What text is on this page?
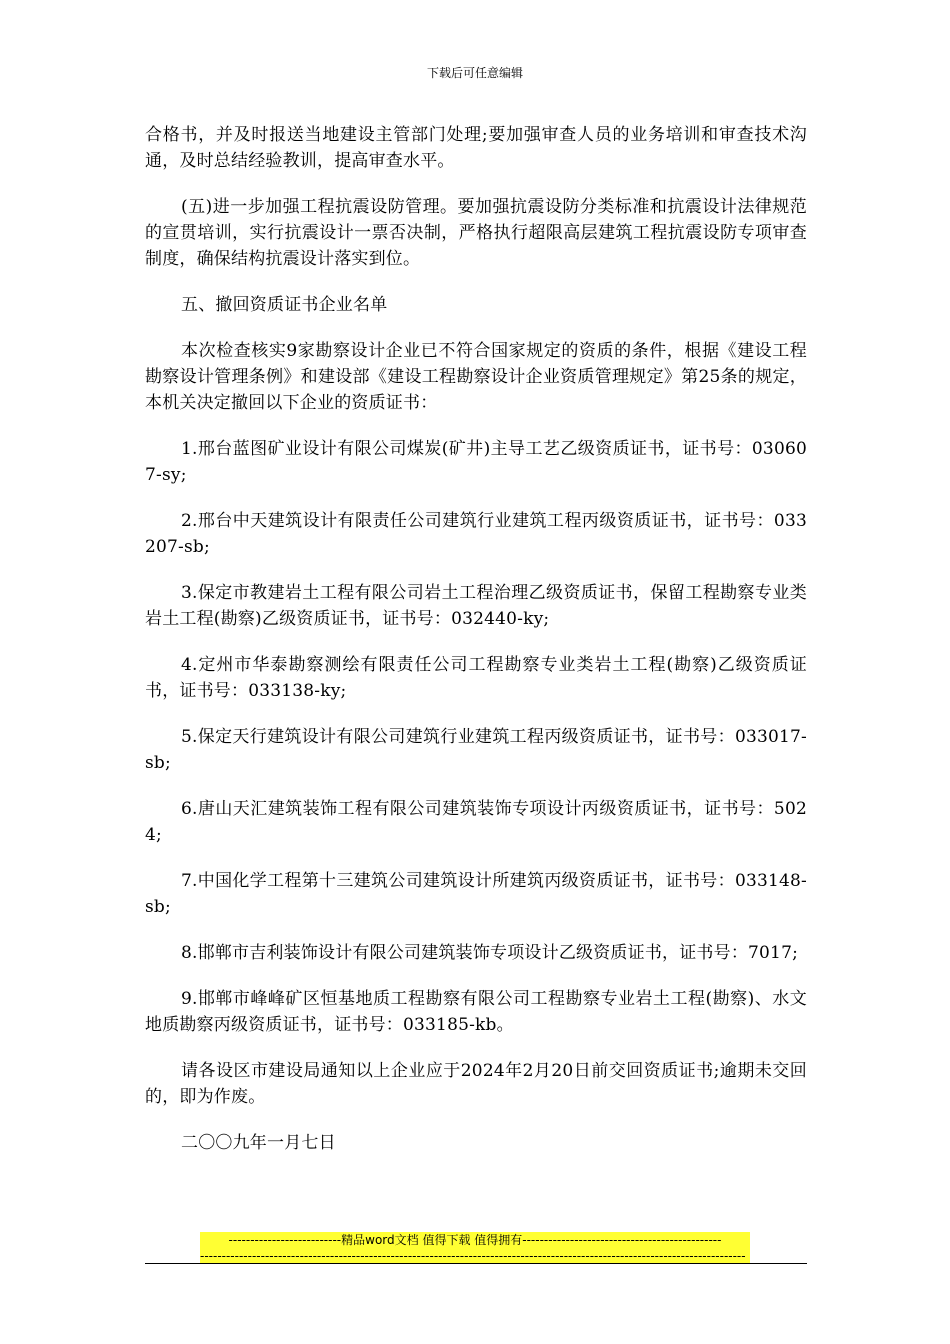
下载后可任意编辑

合格书，并及时报送当地建设主管部门处理;要加强审查人员的业务培训和审查技术沟通，及时总结经验教训，提高审查水平。

(五)进一步加强工程抗震设防管理。要加强抗震设防分类标准和抗震设计法律规范的宣贯培训，实行抗震设计一票否决制，严格执行超限高层建筑工程抗震设防专项审查制度，确保结构抗震设计落实到位。

五、撤回资质证书企业名单

本次检查核实9家勘察设计企业已不符合国家规定的资质的条件，根据《建设工程勘察设计管理条例》和建设部《建设工程勘察设计企业资质管理规定》第25条的规定，本机关决定撤回以下企业的资质证书：

1.邢台蓝图矿业设计有限公司煤炭(矿井)主导工艺乙级资质证书，证书号：030607-sy;

2.邢台中天建筑设计有限责任公司建筑行业建筑工程丙级资质证书，证书号：033207-sb;

3.保定市教建岩土工程有限公司岩土工程治理乙级资质证书，保留工程勘察专业类岩土工程(勘察)乙级资质证书，证书号：032440-ky;

4.定州市华泰勘察测绘有限责任公司工程勘察专业类岩土工程(勘察)乙级资质证书，证书号：033138-ky;

5.保定天行建筑设计有限公司建筑行业建筑工程丙级资质证书，证书号：033017-sb;

6.唐山天汇建筑装饰工程有限公司建筑装饰专项设计丙级资质证书，证书号：5024;

7.中国化学工程第十三建筑公司建筑设计所建筑丙级资质证书，证书号：033148-sb;

8.邯郸市吉利装饰设计有限公司建筑装饰专项设计乙级资质证书，证书号：7017;

9.邯郸市峰峰矿区恒基地质工程勘察有限公司工程勘察专业岩土工程(勘察)、水文地质勘察丙级资质证书，证书号：033185-kb。

请各设区市建设局通知以上企业应于2024年2月20日前交回资质证书;逾期未交回的，即为作废。

二〇〇九年一月七日

--------------------------精品word文档 值得下载 值得拥有----------------------------------------------
------------------------------------------------------------------------------------------------------------------------------
